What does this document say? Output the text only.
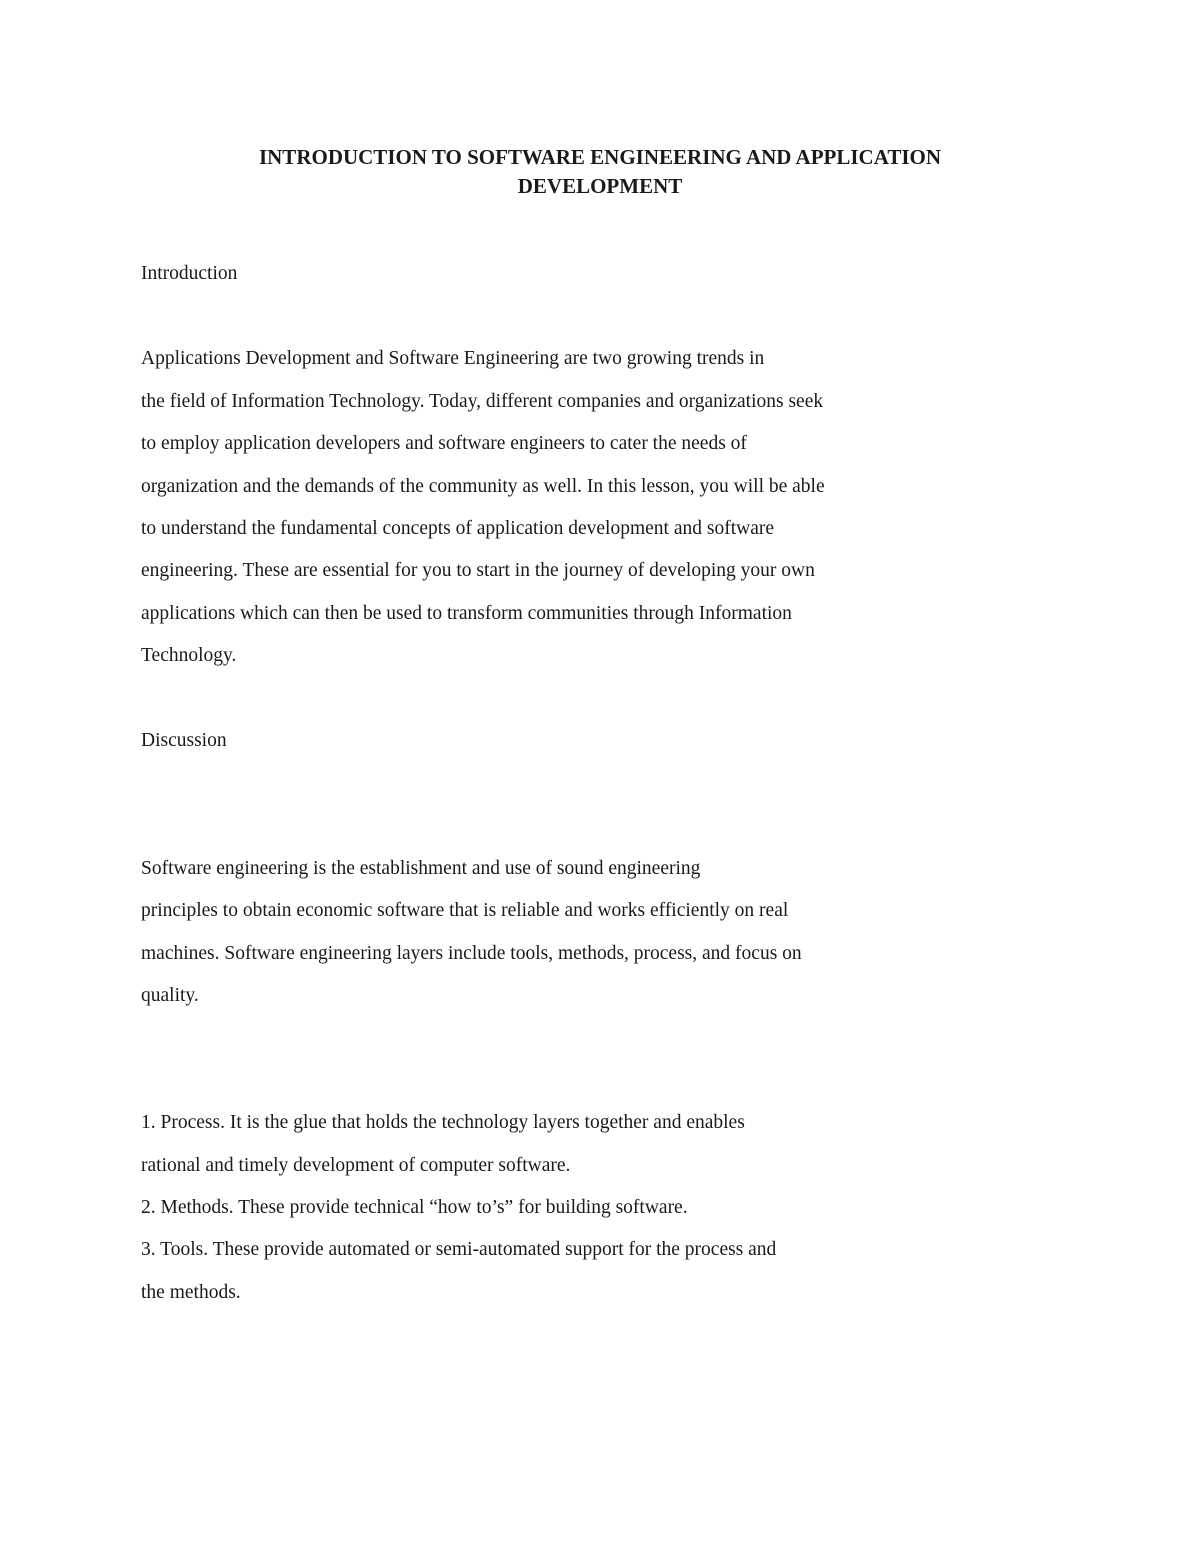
INTRODUCTION TO SOFTWARE ENGINEERING AND APPLICATION
DEVELOPMENT

Introduction

Applications Development and Software Engineering are two growing trends in

the field of Information Technology. Today, different companies and organizations seek

to employ application developers and software engineers to cater the needs of

organization and the demands of the community as well. In this lesson, you will be able

to understand the fundamental concepts of application development and software

engineering. These are essential for you to start in the journey of developing your own

applications which can then be used to transform communities through Information

Technology.

Discussion

Software engineering is the establishment and use of sound engineering

principles to obtain economic software that is reliable and works efficiently on real

machines. Software engineering layers include tools, methods, process, and focus on

quality.

1. Process. It is the glue that holds the technology layers together and enables

rational and timely development of computer software.

2. Methods. These provide technical “how to’s” for building software.

3. Tools. These provide automated or semi-automated support for the process and

the methods.
